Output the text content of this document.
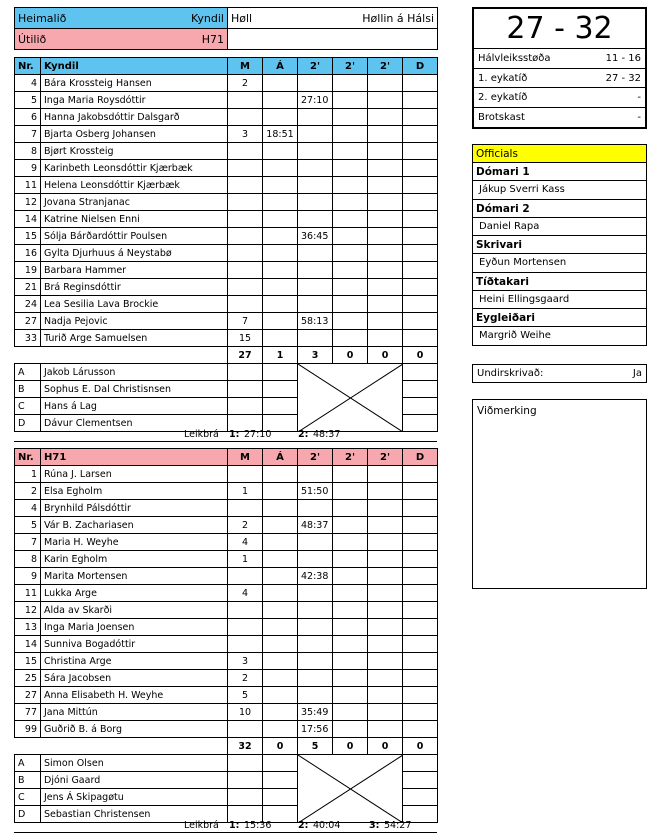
Heimalið Kyndil	Høll Høllin á Hálsi

Útilið H71	

Nr.	Kyndil	M	Á	2'	2'	2'	D
4	Bára Krossteig Hansen	2					
5	Inga Maria Roysdóttir			27:10			
6	Hanna Jakobsdóttir Dalsgarð						
7	Bjarta Osberg Johansen	3	18:51				
8	Bjørt Krossteig						
9	Karinbeth Leonsdóttir Kjærbæk						
11	Helena Leonsdóttir Kjærbæk						
12	Jovana Stranjanac						
14	Katrine Nielsen Enni						
15	Sólja Bárðardóttir Poulsen			36:45			
16	Gylta Djurhuus á Neystabø						
19	Barbara Hammer						
21	Brá Reginsdóttir						
24	Lea Sesilia Lava Brockie						
27	Nadja Pejovic	7		58:13			
33	Turið Arge Samuelsen	15					
		27	1	3	0	0	0
A	Jakob Lárusson			

B	Sophus E. Dal Christisnsen						
C	Hans á Lag						
D	Dávur Clementsen						
Leikbrá 1: 27:10	2: 48:37
Nr.	H71	M	Á	2'	2'	2'	D
1	Rúna J. Larsen						
2	Elsa Egholm	1		51:50			
4	Brynhild Pálsdóttir						
5	Vár B. Zachariasen	2		48:37			
7	Maria H. Weyhe	4					
8	Karin Egholm	1					
9	Marita Mortensen			42:38			
11	Lukka Arge	4					
12	Alda av Skarði						
13	Inga Maria Joensen						
14	Sunniva Bogadóttir						
15	Christina Arge	3					
25	Sára Jacobsen	2					
27	Anna Elisabeth H. Weyhe	5					
77	Jana Mittún	10		35:49			
99	Guðrið B. á Borg			17:56			
		32	0	5	0	0	0
A	Simon Olsen			

B	Djóni Gaard						
C	Jens Á Skipagøtu						
D	Sebastian Christensen						
Leikbrá 1: 15:36	2: 40:04	3: 54:27
27 - 32
Hálvleiksstøða	11 - 16
1. eykatíð	27 - 32
2. eykatíð	-
Brotskast	-
Officials
Dómari 1
Jákup Sverri Kass
Dómari 2
Daniel Rapa
Skrivari
Eyðun Mortensen
Tíðtakari
Heini Ellingsgaard
Eygleiðari
Margrið Weihe
Undirskrivað:	Ja
Viðmerking
